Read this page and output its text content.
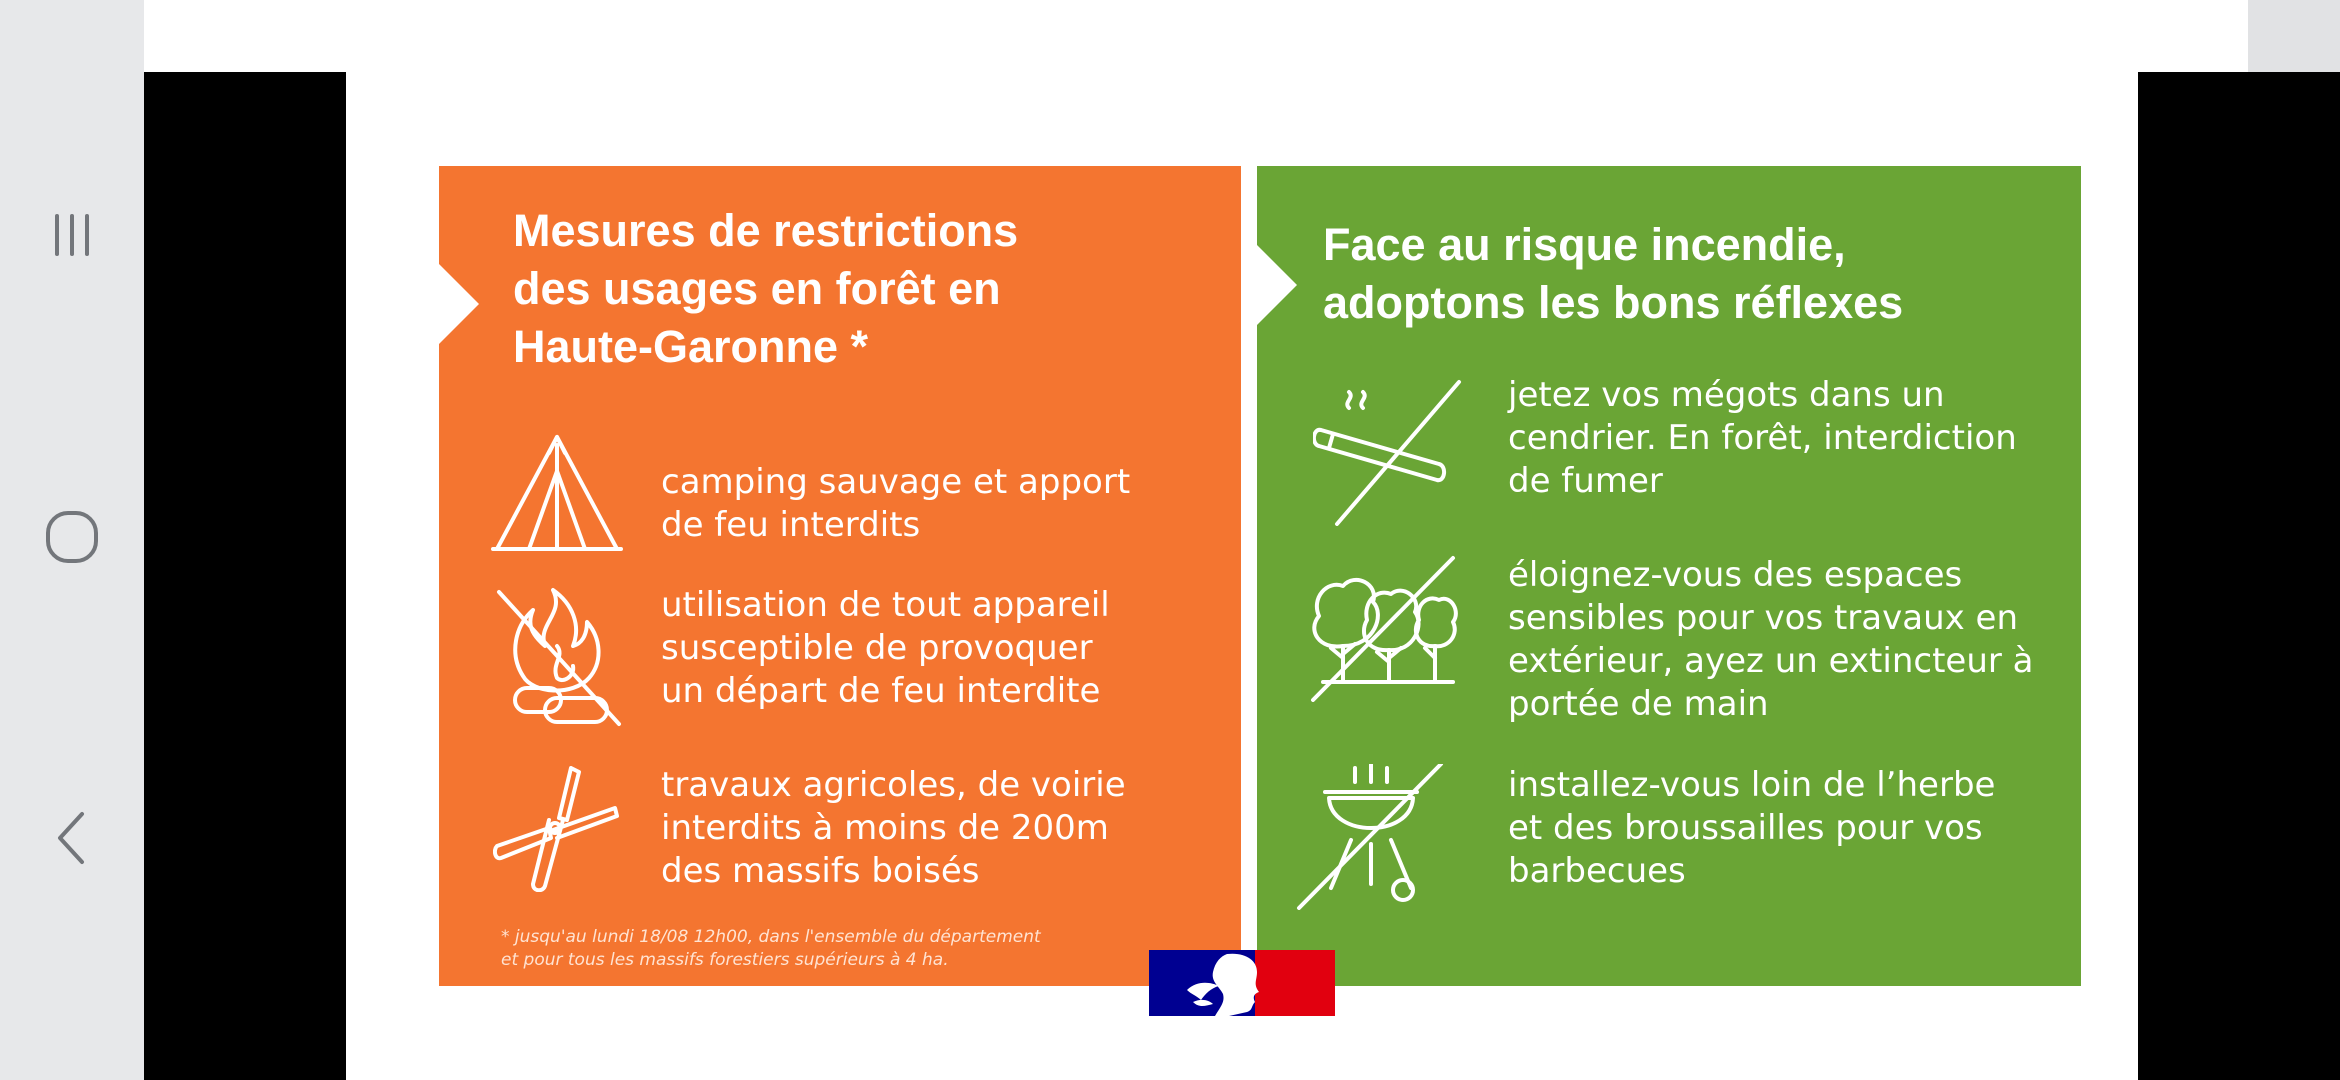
Mesures de restrictions
des usages en forêt en
Haute-Garonne *

camping sauvage et apport
de feu interdits

utilisation de tout appareil
susceptible de provoquer
un départ de feu interdite

travaux agricoles, de voirie
interdits à moins de 200m
des massifs boisés

* jusqu'au lundi 18/08 12h00, dans l'ensemble du département
et pour tous les massifs forestiers supérieurs à 4 ha.

Face au risque incendie,
adoptons les bons réflexes

jetez vos mégots dans un
cendrier. En forêt, interdiction
de fumer

éloignez-vous des espaces
sensibles pour vos travaux en
extérieur, ayez un extincteur à
portée de main

installez-vous loin de l’herbe
et des broussailles pour vos
barbecues
